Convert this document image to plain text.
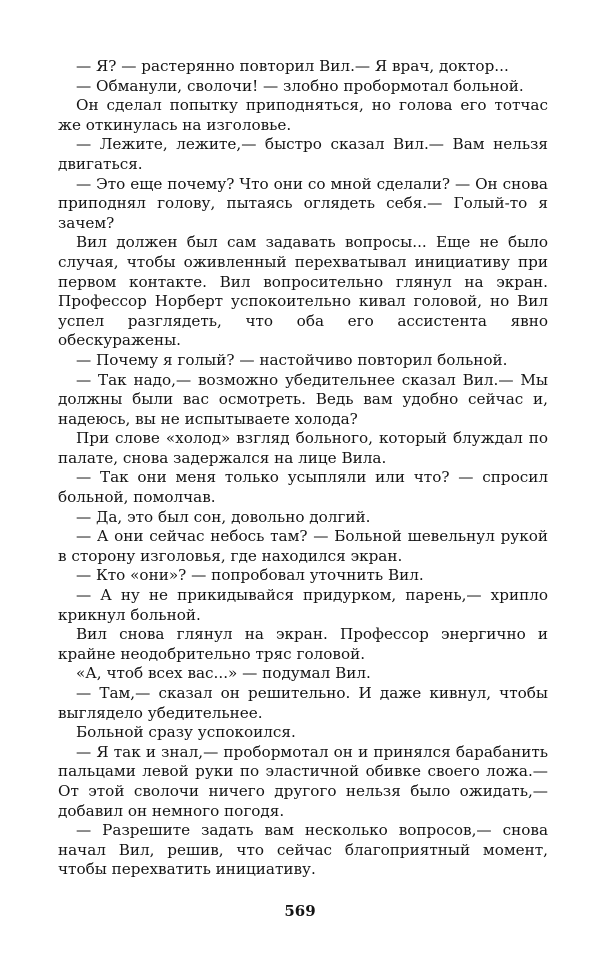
— Я? — растерянно повторил Вил.— Я врач, доктор...

— Обманули, сволочи! — злобно пробормотал больной.

Он сделал попытку приподняться, но голова его тотчас же откинулась на изголовье.

— Лежите, лежите,— быстро сказал Вил.— Вам нельзя двигаться.

— Это еще почему? Что они со мной сделали? — Он снова приподнял голову, пытаясь оглядеть себя.— Голый-то я зачем?

Вил должен был сам задавать вопросы... Еще не было случая, чтобы оживленный перехватывал инициативу при первом контакте. Вил вопросительно глянул на экран. Профессор Норберт успокоительно кивал головой, но Вил успел разглядеть, что оба его ассистента явно обескуражены.

— Почему я голый? — настойчиво повторил больной.

— Так надо,— возможно убедительнее сказал Вил.— Мы должны были вас осмотреть. Ведь вам удобно сейчас и, надеюсь, вы не испытываете холода?

При слове «холод» взгляд больного, который блуждал по палате, снова задержался на лице Вила.

— Так они меня только усыпляли или что? — спросил больной, помолчав.

— Да, это был сон, довольно долгий.

— А они сейчас небось там? — Больной шевельнул рукой в сторону изголовья, где находился экран.

— Кто «они»? — попробовал уточнить Вил.

— А ну не прикидывайся придурком, парень,— хрипло крикнул больной.

Вил снова глянул на экран. Профессор энергично и крайне неодобрительно тряс головой.

«А, чтоб всех вас...» — подумал Вил.

— Там,— сказал он решительно. И даже кивнул, чтобы выглядело убедительнее.

Больной сразу успокоился.

— Я так и знал,— пробормотал он и принялся барабанить пальцами левой руки по эластичной обивке своего ложа.— От этой сволочи ничего другого нельзя было ожидать,— добавил он немного погодя.

— Разрешите задать вам несколько вопросов,— снова начал Вил, решив, что сейчас благоприятный момент, чтобы перехватить инициативу.

569
